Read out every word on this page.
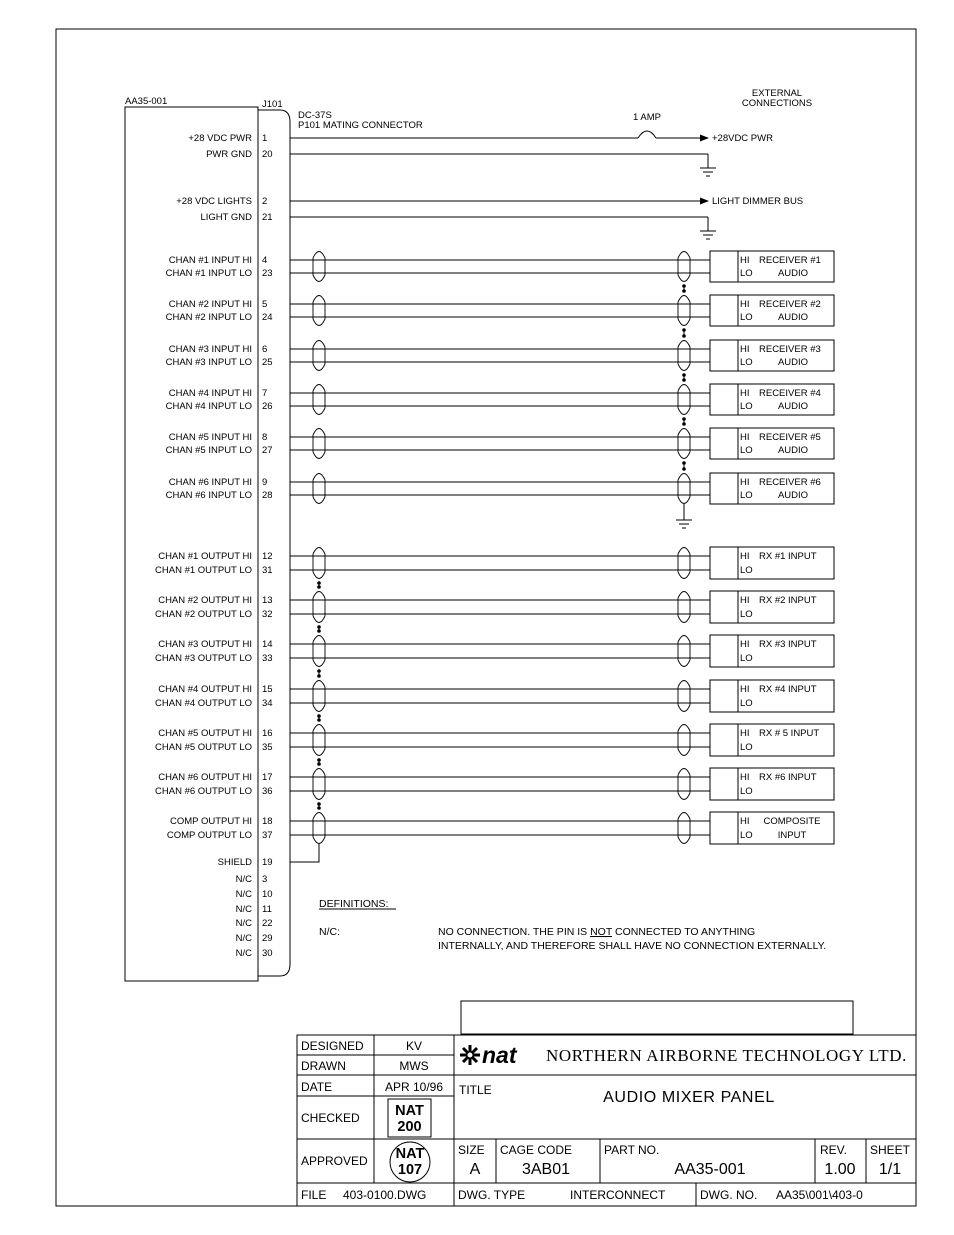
AA35-001	J101
DC-37S
P101 MATING CONNECTOR
EXTERNAL
CONNECTIONS
1 AMP
+28VDC PWR
LIGHT DIMMER BUS
+28 VDC PWR 1
PWR GND 20
+28 VDC LIGHTS 2
LIGHT GND 21
CHAN #1 INPUT HI 4
CHAN #1 INPUT LO 23
HI
LO
RECEIVER #1
AUDIO
CHAN #2 INPUT HI 5
CHAN #2 INPUT LO 24
HI
LO
RECEIVER #2
AUDIO
CHAN #3 INPUT HI 6
CHAN #3 INPUT LO 25
HI
LO
RECEIVER #3
AUDIO
CHAN #4 INPUT HI 7
CHAN #4 INPUT LO 26
HI
LO
RECEIVER #4
AUDIO
CHAN #5 INPUT HI 8
CHAN #5 INPUT LO 27
HI
LO
RECEIVER #5
AUDIO
CHAN #6 INPUT HI 9
CHAN #6 INPUT LO 28
HI
LO
RECEIVER #6
AUDIO
CHAN #1 OUTPUT HI 12
CHAN #1 OUTPUT LO 31
HI
LO
RX #1 INPUT
CHAN #2 OUTPUT HI 13
CHAN #2 OUTPUT LO 32
HI
LO
RX #2 INPUT
CHAN #3 OUTPUT HI 14
CHAN #3 OUTPUT LO 33
HI
LO
RX #3 INPUT
CHAN #4 OUTPUT HI 15
CHAN #4 OUTPUT LO 34
HI
LO
RX #4 INPUT
CHAN #5 OUTPUT HI 16
CHAN #5 OUTPUT LO 35
HI
LO
RX # 5 INPUT
CHAN #6 OUTPUT HI 17
CHAN #6 OUTPUT LO 36
HI
LO
RX #6 INPUT
COMP OUTPUT HI 18
COMP OUTPUT LO 37
HI
LO
COMPOSITE
INPUT
SHIELD 19
N/C 3
N/C 10
N/C 11
N/C 22
N/C 29
N/C 30
DEFINITIONS:
N/C:	NO CONNECTION. THE PIN IS NOT CONNECTED TO ANYTHING
INTERNALLY, AND THEREFORE SHALL HAVE NO CONNECTION EXTERNALLY.
DESIGNED	KV
DRAWN	MWS
DATE	APR 10/96
CHECKED NAT
200
APPROVED NAT
107
nat NORTHERN AIRBORNE TECHNOLOGY LTD.
TITLE	AUDIO MIXER PANEL
SIZE
A
CAGE CODE
3AB01
PART NO.
AA35-001
REV.
1.00
SHEET
1/1
FILE 403-0100.DWG	DWG. TYPE	INTERCONNECT	DWG. NO. AA35\001\403-0
